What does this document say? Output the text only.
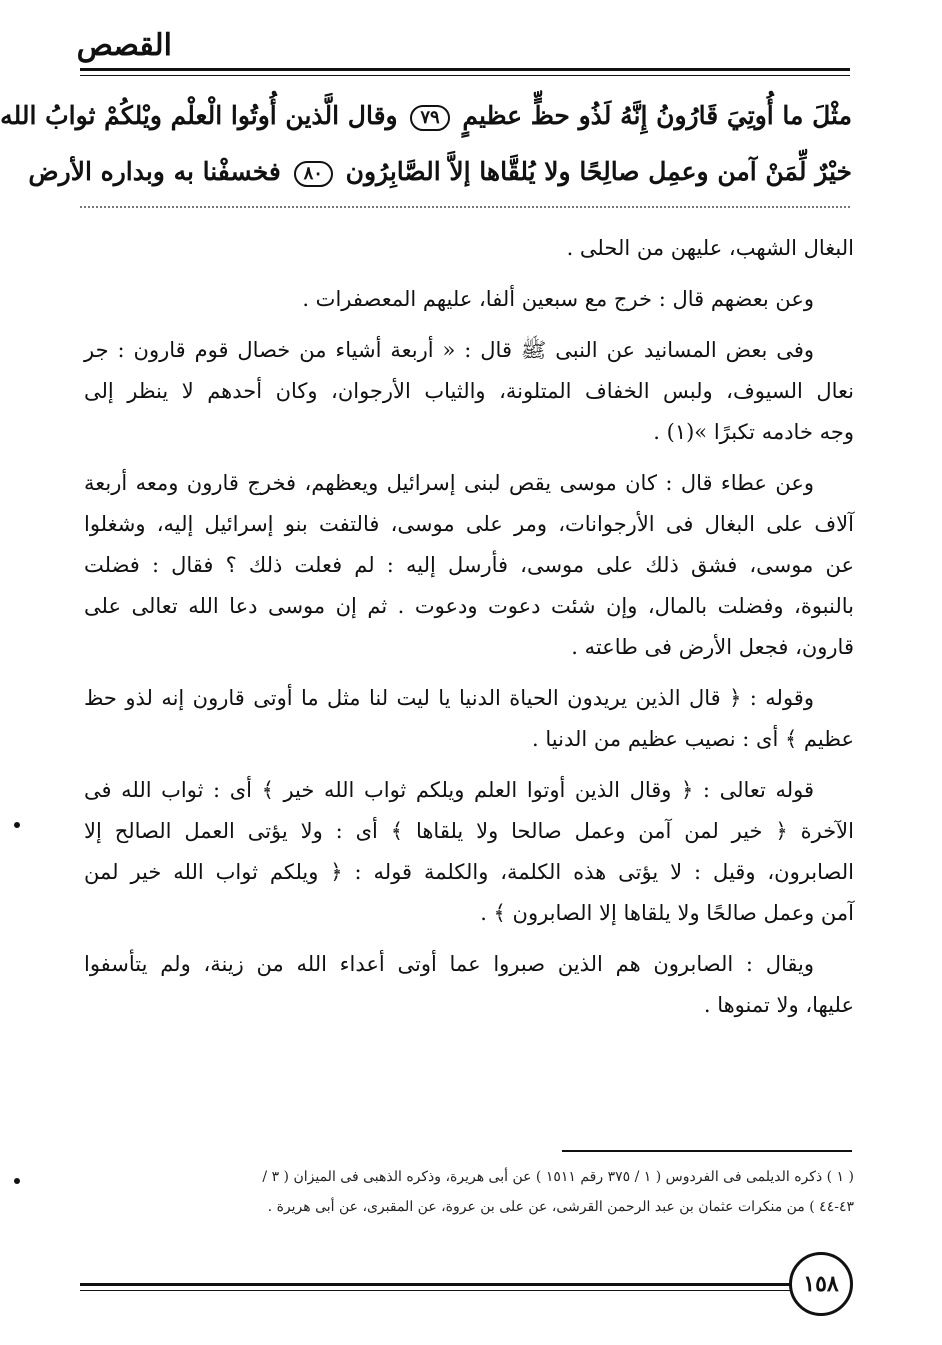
القصص
مثْلَ ما أُوتِيَ قَارُونُ إِنَّهُ لَذُو حظٍّ عظيمٍ ٧٩ وقال الَّذين أُوتُوا الْعلْم ويْلكُمْ ثوابُ الله
خيْرٌ لِّمَنْ آمن وعمِل صالِحًا ولا يُلقَّاها إلاَّ الصَّابِرُون ٨٠ فخسفْنا به وبداره الأرض
البغال الشهب، عليهن من الحلى .
وعن بعضهم قال : خرج مع سبعين ألفا، عليهم المعصفرات .
وفى بعض المسانيد عن النبى ﷺ قال : « أربعة أشياء من خصال قوم قارون : جر
نعال السيوف، ولبس الخفاف المتلونة، والثياب الأرجوان، وكان أحدهم لا ينظر إلى
وجه خادمه تكبرًا »(١) .
وعن عطاء قال : كان موسى يقص لبنى إسرائيل ويعظهم، فخرج قارون ومعه أربعة
آلاف على البغال فى الأرجوانات، ومر على موسى، فالتفت بنو إسرائيل إليه، وشغلوا
عن موسى، فشق ذلك على موسى، فأرسل إليه : لم فعلت ذلك ؟ فقال : فضلت
بالنبوة، وفضلت بالمال، وإن شئت دعوت ودعوت . ثم إن موسى دعا الله تعالى على
قارون، فجعل الأرض فى طاعته .
وقوله : ﴿ قال الذين يريدون الحياة الدنيا يا ليت لنا مثل ما أوتى قارون إنه لذو حظ
عظيم ﴾ أى : نصيب عظيم من الدنيا .
قوله تعالى : ﴿ وقال الذين أوتوا العلم ويلكم ثواب الله خير ﴾ أى : ثواب الله فى
الآخرة ﴿ خير لمن آمن وعمل صالحا ولا يلقاها ﴾ أى : ولا يؤتى العمل الصالح إلا
الصابرون، وقيل : لا يؤتى هذه الكلمة، والكلمة قوله : ﴿ ويلكم ثواب الله خير لمن
آمن وعمل صالحًا ولا يلقاها إلا الصابرون ﴾ .
ويقال : الصابرون هم الذين صبروا عما أوتى أعداء الله من زينة، ولم يتأسفوا
عليها، ولا تمنوها .
( ١ ) ذكره الديلمى فى الفردوس ( ١ / ٣٧٥ رقم ١٥١١ ) عن أبى هريرة، وذكره الذهبى فى الميزان ( ٣ /
٤٣-٤٤ ) من منكرات عثمان بن عبد الرحمن القرشى، عن على بن عروة، عن المقبرى، عن أبى هريرة .
١٥٨
